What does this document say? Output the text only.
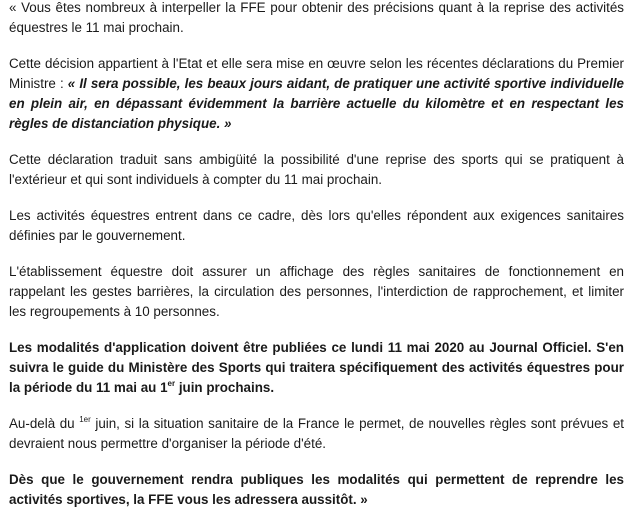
« Vous êtes nombreux à interpeller la FFE pour obtenir des précisions quant à la reprise des activités équestres le 11 mai prochain.

Cette décision appartient à l'Etat et elle sera mise en œuvre selon les récentes déclarations du Premier Ministre : « Il sera possible, les beaux jours aidant, de pratiquer une activité sportive individuelle en plein air, en dépassant évidemment la barrière actuelle du kilomètre et en respectant les règles de distanciation physique. »

Cette déclaration traduit sans ambigüité la possibilité d'une reprise des sports qui se pratiquent à l'extérieur et qui sont individuels à compter du 11 mai prochain.

Les activités équestres entrent dans ce cadre, dès lors qu'elles répondent aux exigences sanitaires définies par le gouvernement.

L'établissement équestre doit assurer un affichage des règles sanitaires de fonctionnement en rappelant les gestes barrières, la circulation des personnes, l'interdiction de rapprochement, et limiter les regroupements à 10 personnes.

Les modalités d'application doivent être publiées ce lundi 11 mai 2020 au Journal Officiel. S'en suivra le guide du Ministère des Sports qui traitera spécifiquement des activités équestres pour la période du 11 mai au 1er juin prochains.

Au-delà du $^{1er}$ juin, si la situation sanitaire de la France le permet, de nouvelles règles sont prévues et devraient nous permettre d'organiser la période d'été.

Dès que le gouvernement rendra publiques les modalités qui permettent de reprendre les activités sportives, la FFE vous les adressera aussitôt. »
